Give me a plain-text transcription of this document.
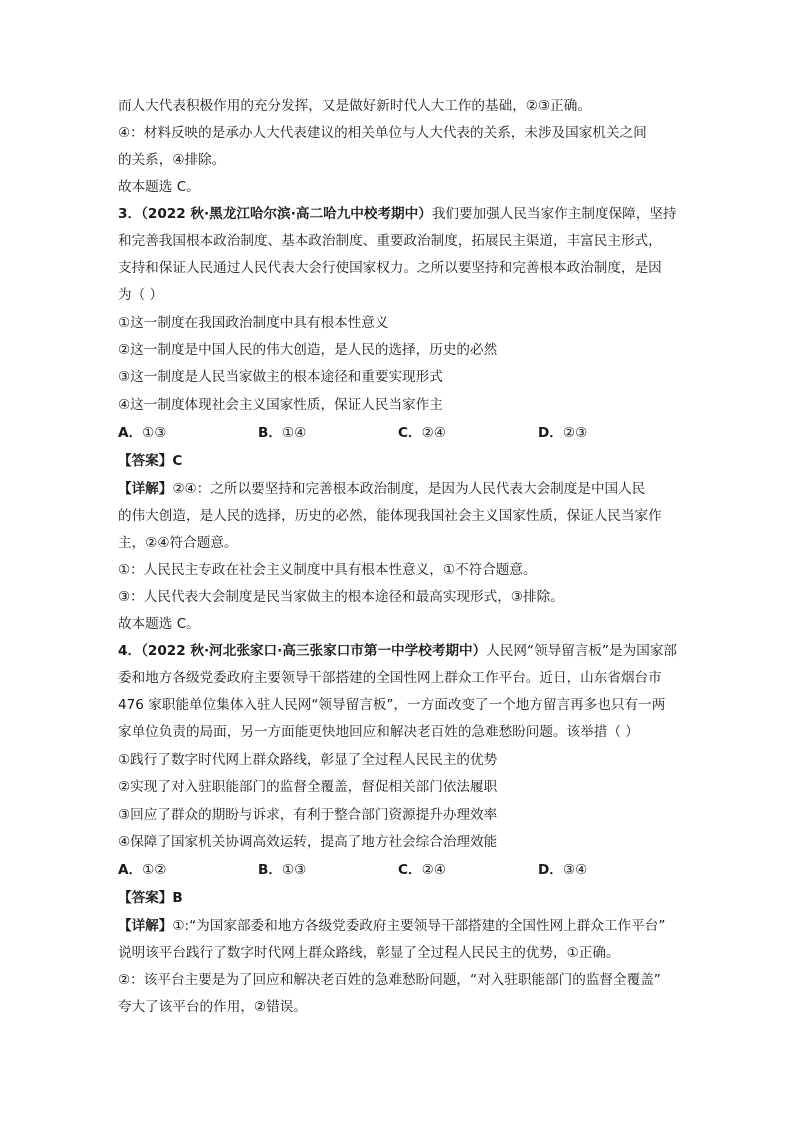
而人大代表积极作用的充分发挥，又是做好新时代人大工作的基础，②③正确。
④：材料反映的是承办人大代表建议的相关单位与人大代表的关系，未涉及国家机关之间
的关系，④排除。
故本题选 C。
3．（2022 秋·黑龙江哈尔滨·高二哈九中校考期中）我们要加强人民当家作主制度保障，坚持
和完善我国根本政治制度、基本政治制度、重要政治制度，拓展民主渠道，丰富民主形式，
支持和保证人民通过人民代表大会行使国家权力。之所以要坚持和完善根本政治制度，是因
为（ ）
①这一制度在我国政治制度中具有根本性意义
②这一制度是中国人民的伟大创造，是人民的选择，历史的必然
③这一制度是人民当家做主的根本途径和重要实现形式
④这一制度体现社会主义国家性质，保证人民当家作主
A．①③	B．①④	C．②④	D．②③
【答案】C
【详解】②④：之所以要坚持和完善根本政治制度，是因为人民代表大会制度是中国人民
的伟大创造，是人民的选择，历史的必然，能体现我国社会主义国家性质，保证人民当家作
主，②④符合题意。
①：人民民主专政在社会主义制度中具有根本性意义，①不符合题意。
③：人民代表大会制度是民当家做主的根本途径和最高实现形式，③排除。
故本题选 C。
4．（2022 秋·河北张家口·高三张家口市第一中学校考期中）人民网“领导留言板”是为国家部
委和地方各级党委政府主要领导干部搭建的全国性网上群众工作平台。近日，山东省烟台市
476 家职能单位集体入驻人民网“领导留言板”，一方面改变了一个地方留言再多也只有一两
家单位负责的局面，另一方面能更快地回应和解决老百姓的急难愁盼问题。该举措（ ）
①践行了数字时代网上群众路线，彰显了全过程人民民主的优势
②实现了对入驻职能部门的监督全覆盖，督促相关部门依法履职
③回应了群众的期盼与诉求，有利于整合部门资源提升办理效率
④保障了国家机关协调高效运转，提高了地方社会综合治理效能
A．①②	B．①③	C．②④	D．③④
【答案】B
【详解】①:“为国家部委和地方各级党委政府主要领导干部搭建的全国性网上群众工作平台”
说明该平台践行了数字时代网上群众路线，彰显了全过程人民民主的优势，①正确。
②：该平台主要是为了回应和解决老百姓的急难愁盼问题，“对入驻职能部门的监督全覆盖”
夸大了该平台的作用，②错误。
